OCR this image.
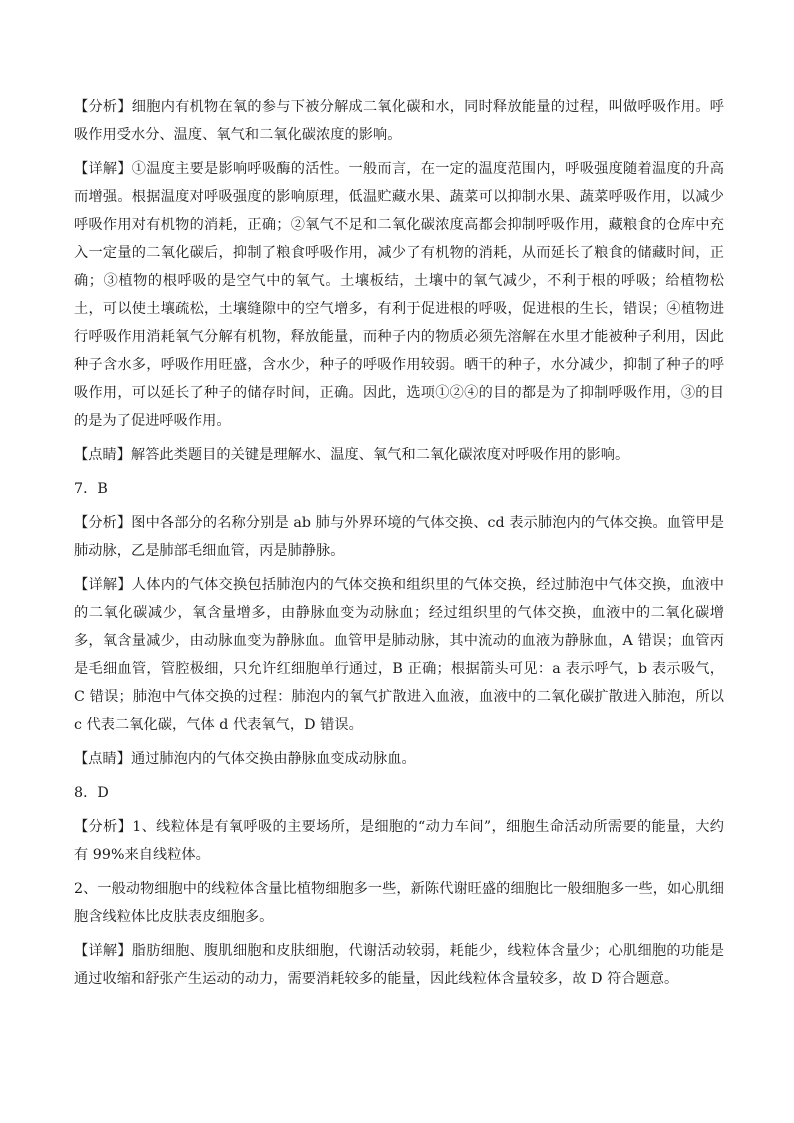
【分析】细胞内有机物在氧的参与下被分解成二氧化碳和水，同时释放能量的过程，叫做呼吸作用。呼吸作用受水分、温度、氧气和二氧化碳浓度的影响。

【详解】①温度主要是影响呼吸酶的活性。一般而言，在一定的温度范围内，呼吸强度随着温度的升高而增强。根据温度对呼吸强度的影响原理，低温贮藏水果、蔬菜可以抑制水果、蔬菜呼吸作用，以减少呼吸作用对有机物的消耗，正确；②氧气不足和二氧化碳浓度高都会抑制呼吸作用，藏粮食的仓库中充入一定量的二氧化碳后，抑制了粮食呼吸作用，减少了有机物的消耗，从而延长了粮食的储藏时间，正确；③植物的根呼吸的是空气中的氧气。土壤板结，土壤中的氧气减少，不利于根的呼吸；给植物松土，可以使土壤疏松，土壤缝隙中的空气增多，有利于促进根的呼吸，促进根的生长，错误；④植物进行呼吸作用消耗氧气分解有机物，释放能量，而种子内的物质必须先溶解在水里才能被种子利用，因此种子含水多，呼吸作用旺盛，含水少，种子的呼吸作用较弱。晒干的种子，水分减少，抑制了种子的呼吸作用，可以延长了种子的储存时间，正确。因此，选项①②④的目的都是为了抑制呼吸作用，③的目的是为了促进呼吸作用。

【点睛】解答此类题目的关键是理解水、温度、氧气和二氧化碳浓度对呼吸作用的影响。

7．B

【分析】图中各部分的名称分别是 ab 肺与外界环境的气体交换、cd 表示肺泡内的气体交换。血管甲是肺动脉，乙是肺部毛细血管，丙是肺静脉。

【详解】人体内的气体交换包括肺泡内的气体交换和组织里的气体交换，经过肺泡中气体交换，血液中的二氧化碳减少，氧含量增多，由静脉血变为动脉血；经过组织里的气体交换，血液中的二氧化碳增多，氧含量减少，由动脉血变为静脉血。血管甲是肺动脉，其中流动的血液为静脉血，A 错误；血管丙是毛细血管，管腔极细，只允许红细胞单行通过，B 正确；根据箭头可见：a 表示呼气，b 表示吸气，C 错误；肺泡中气体交换的过程：肺泡内的氧气扩散进入血液，血液中的二氧化碳扩散进入肺泡，所以 c 代表二氧化碳，气体 d 代表氧气，D 错误。

【点睛】通过肺泡内的气体交换由静脉血变成动脉血。

8．D

【分析】1、线粒体是有氧呼吸的主要场所，是细胞的“动力车间”，细胞生命活动所需要的能量，大约有 99%来自线粒体。

2、一般动物细胞中的线粒体含量比植物细胞多一些，新陈代谢旺盛的细胞比一般细胞多一些，如心肌细胞含线粒体比皮肤表皮细胞多。

【详解】脂肪细胞、腹肌细胞和皮肤细胞，代谢活动较弱，耗能少，线粒体含量少；心肌细胞的功能是通过收缩和舒张产生运动的动力，需要消耗较多的能量，因此线粒体含量较多，故 D 符合题意。
